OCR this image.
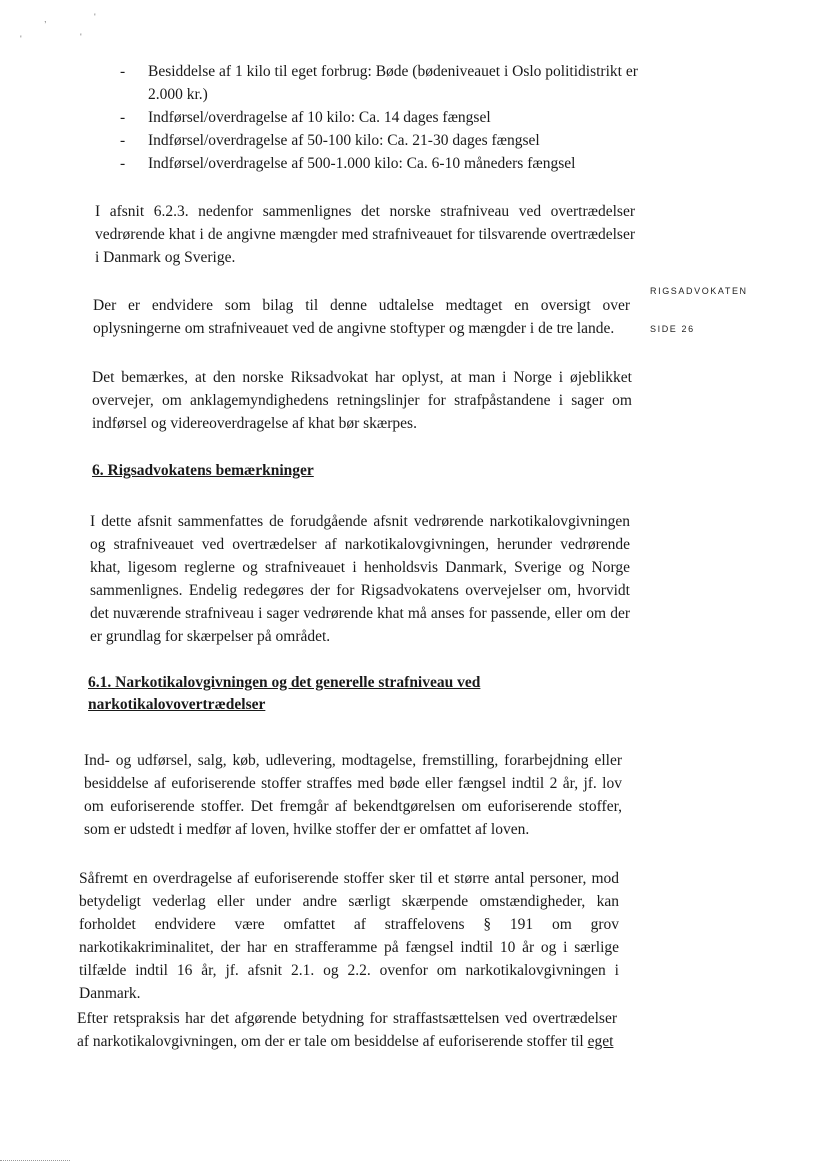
,	'
'	'
- Besiddelse af 1 kilo til eget forbrug: Bøde (bødeniveauet i Oslo politidistrikt er 2.000 kr.)
- Indførsel/overdragelse af 10 kilo: Ca. 14 dages fængsel
- Indførsel/overdragelse af 50-100 kilo: Ca. 21-30 dages fængsel
- Indførsel/overdragelse af 500-1.000 kilo: Ca. 6-10 måneders fængsel

I afsnit 6.2.3. nedenfor sammenlignes det norske strafniveau ved overtrædelser vedrørende khat i de angivne mængder med strafniveauet for tilsvarende overtrædelser i Danmark og Sverige.

RIGSADVOKATEN
SIDE 26

Der er endvidere som bilag til denne udtalelse medtaget en oversigt over oplysningerne om strafniveauet ved de angivne stoftyper og mængder i de tre lande.

Det bemærkes, at den norske Riksadvokat har oplyst, at man i Norge i øjeblikket overvejer, om anklagemyndighedens retningslinjer for strafpåstandene i sager om indførsel og videreoverdragelse af khat bør skærpes.

6. Rigsadvokatens bemærkninger

I dette afsnit sammenfattes de forudgående afsnit vedrørende narkotikalovgivningen og strafniveauet ved overtrædelser af narkotikalovgivningen, herunder vedrørende khat, ligesom reglerne og strafniveauet i henholdsvis Danmark, Sverige og Norge sammenlignes. Endelig redegøres der for Rigsadvokatens overvejelser om, hvorvidt det nuværende strafniveau i sager vedrørende khat må anses for passende, eller om der er grundlag for skærpelser på området.

6.1. Narkotikalovgivningen og det generelle strafniveau ved narkotikalovovertrædelser

Ind- og udførsel, salg, køb, udlevering, modtagelse, fremstilling, forarbejdning eller besiddelse af euforiserende stoffer straffes med bøde eller fængsel indtil 2 år, jf. lov om euforiserende stoffer. Det fremgår af bekendtgørelsen om euforiserende stoffer, som er udstedt i medfør af loven, hvilke stoffer der er omfattet af loven.

Såfremt en overdragelse af euforiserende stoffer sker til et større antal personer, mod betydeligt vederlag eller under andre særligt skærpende omstændigheder, kan forholdet endvidere være omfattet af straffelovens § 191 om grov narkotikakriminalitet, der har en strafferamme på fængsel indtil 10 år og i særlige tilfælde indtil 16 år, jf. afsnit 2.1. og 2.2. ovenfor om narkotikalovgivningen i Danmark.

Efter retspraksis har det afgørende betydning for straffastsættelsen ved overtrædelser af narkotikalovgivningen, om der er tale om besiddelse af euforiserende stoffer til eget
